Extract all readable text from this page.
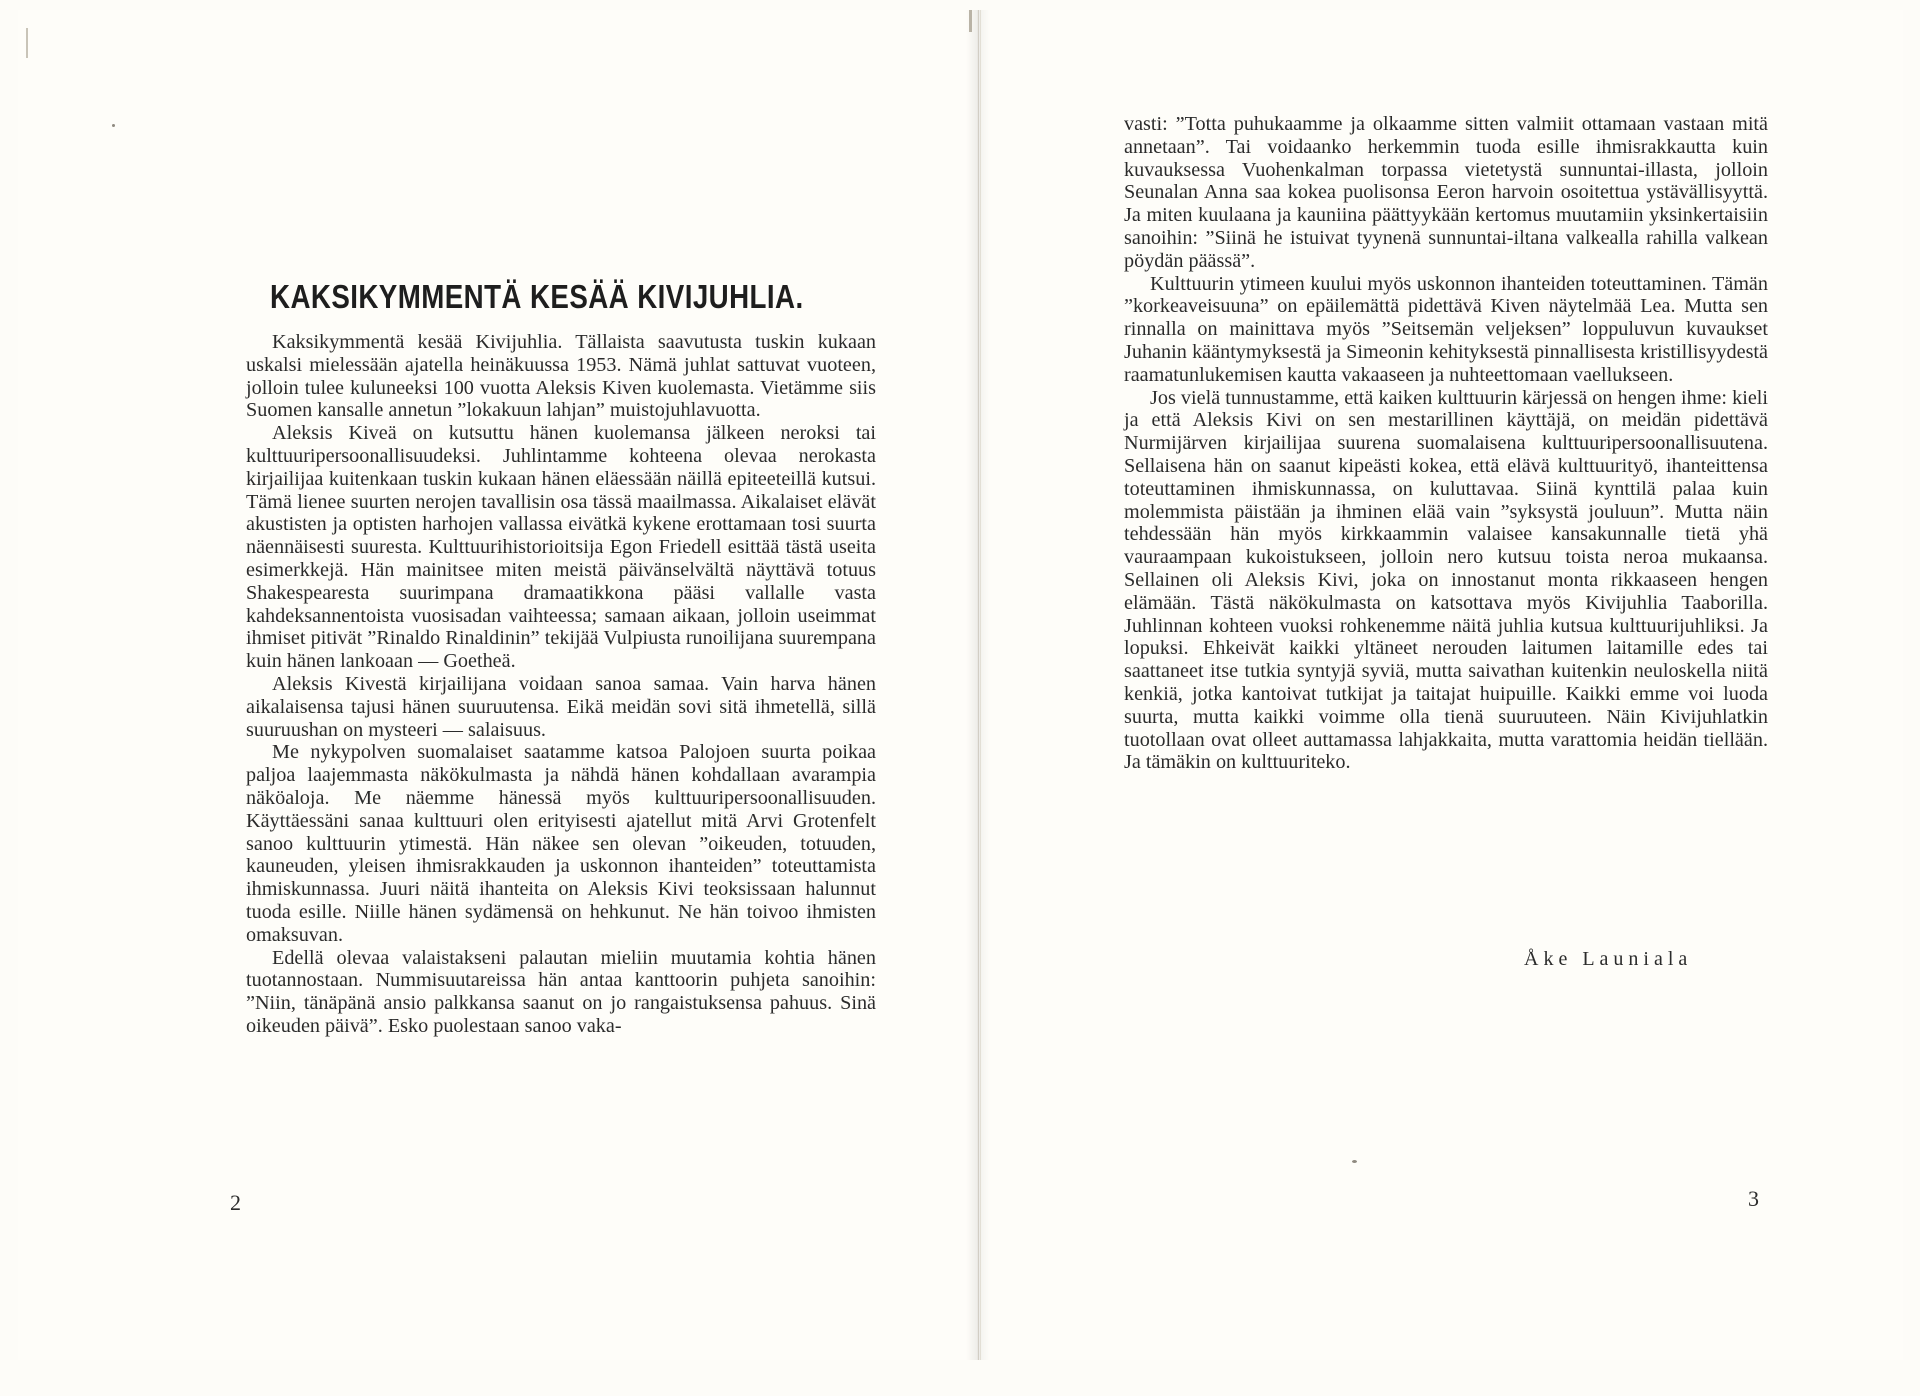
KAKSIKYMMENTÄ KESÄÄ KIVIJUHLIA.

Kaksikymmentä kesää Kivijuhlia. Tällaista saavutusta tuskin kukaan uskalsi mielessään ajatella heinäkuussa 1953. Nämä juhlat sattuvat vuoteen, jolloin tulee kuluneeksi 100 vuotta Aleksis Kiven kuolemasta. Vietämme siis Suomen kansalle annetun ”lokakuun lahjan” muistojuhlavuotta.

Aleksis Kiveä on kutsuttu hänen kuolemansa jälkeen neroksi tai kulttuuripersoonallisuudeksi. Juhlintamme kohteena olevaa nerokasta kirjailijaa kuitenkaan tuskin kukaan hänen eläessään näillä epiteeteillä kutsui. Tämä lienee suurten nerojen tavallisin osa tässä maailmassa. Aikalaiset elävät akustisten ja optisten harhojen vallassa eivätkä kykene erottamaan tosi suurta näennäisesti suuresta. Kulttuurihistorioitsija Egon Friedell esittää tästä useita esimerkkejä. Hän mainitsee miten meistä päivänselvältä näyttävä totuus Shakespearesta suurimpana dramaatikkona pääsi vallalle vasta kahdeksannentoista vuosisadan vaihteessa; samaan aikaan, jolloin useimmat ihmiset pitivät ”Rinaldo Rinaldinin” tekijää Vulpiusta runoilijana suurempana kuin hänen lankoaan — Goetheä.

Aleksis Kivestä kirjailijana voidaan sanoa samaa. Vain harva hänen aikalaisensa tajusi hänen suuruutensa. Eikä meidän sovi sitä ihmetellä, sillä suuruushan on mysteeri — salaisuus.

Me nykypolven suomalaiset saatamme katsoa Palojoen suurta poikaa paljoa laajemmasta näkökulmasta ja nähdä hänen kohdallaan avarampia näköaloja. Me näemme hänessä myös kulttuuripersoonallisuuden. Käyttäessäni sanaa kulttuuri olen erityisesti ajatellut mitä Arvi Grotenfelt sanoo kulttuurin ytimestä. Hän näkee sen olevan ”oikeuden, totuuden, kauneuden, yleisen ihmisrakkauden ja uskonnon ihanteiden” toteuttamista ihmiskunnassa. Juuri näitä ihanteita on Aleksis Kivi teoksissaan halunnut tuoda esille. Niille hänen sydämensä on hehkunut. Ne hän toivoo ihmisten omaksuvan.

Edellä olevaa valaistakseni palautan mieliin muutamia kohtia hänen tuotannostaan. Nummisuutareissa hän antaa kanttoorin puhjeta sanoihin: ”Niin, tänäpänä ansio palkkansa saanut on jo rangaistuksensa pahuus. Sinä oikeuden päivä”. Esko puolestaan sanoo vaka-

2

vasti: ”Totta puhukaamme ja olkaamme sitten valmiit ottamaan vastaan mitä annetaan”. Tai voidaanko herkemmin tuoda esille ihmisrakkautta kuin kuvauksessa Vuohenkalman torpassa vietetystä sunnuntai-illasta, jolloin Seunalan Anna saa kokea puolisonsa Eeron harvoin osoitettua ystävällisyyttä. Ja miten kuulaana ja kauniina päättyykään kertomus muutamiin yksinkertaisiin sanoihin: ”Siinä he istuivat tyynenä sunnuntai-iltana valkealla rahilla valkean pöydän päässä”.

Kulttuurin ytimeen kuului myös uskonnon ihanteiden toteuttaminen. Tämän ”korkeaveisuuna” on epäilemättä pidettävä Kiven näytelmää Lea. Mutta sen rinnalla on mainittava myös ”Seitsemän veljeksen” loppuluvun kuvaukset Juhanin kääntymyksestä ja Simeonin kehityksestä pinnallisesta kristillisyydestä raamatunlukemisen kautta vakaaseen ja nuhteettomaan vaellukseen.

Jos vielä tunnustamme, että kaiken kulttuurin kärjessä on hengen ihme: kieli ja että Aleksis Kivi on sen mestarillinen käyttäjä, on meidän pidettävä Nurmijärven kirjailijaa suurena suomalaisena kulttuuripersoonallisuutena. Sellaisena hän on saanut kipeästi kokea, että elävä kulttuurityö, ihanteittensa toteuttaminen ihmiskunnassa, on kuluttavaa. Siinä kynttilä palaa kuin molemmista päistään ja ihminen elää vain ”syksystä jouluun”. Mutta näin tehdessään hän myös kirkkaammin valaisee kansakunnalle tietä yhä vauraampaan kukoistukseen, jolloin nero kutsuu toista neroa mukaansa. Sellainen oli Aleksis Kivi, joka on innostanut monta rikkaaseen hengen elämään. Tästä näkökulmasta on katsottava myös Kivijuhlia Taaborilla. Juhlinnan kohteen vuoksi rohkenemme näitä juhlia kutsua kulttuurijuhliksi. Ja lopuksi. Ehkeivät kaikki yltäneet nerouden laitumen laitamille edes tai saattaneet itse tutkia syntyjä syviä, mutta saivathan kuitenkin neuloskella niitä kenkiä, jotka kantoivat tutkijat ja taitajat huipuille. Kaikki emme voi luoda suurta, mutta kaikki voimme olla tienä suuruuteen. Näin Kivijuhlatkin tuotollaan ovat olleet auttamassa lahjakkaita, mutta varattomia heidän tiellään. Ja tämäkin on kulttuuriteko.

Åke Launiala
3
